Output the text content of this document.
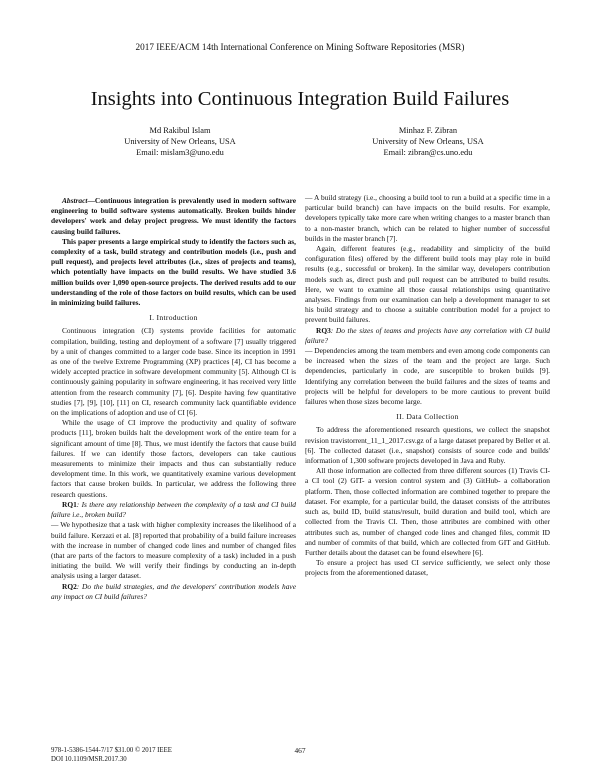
2017 IEEE/ACM 14th International Conference on Mining Software Repositories (MSR)
Insights into Continuous Integration Build Failures
Md Rakibul Islam
University of New Orleans, USA
Email: mislam3@uno.edu
Minhaz F. Zibran
University of New Orleans, USA
Email: zibran@cs.uno.edu

Abstract—Continuous integration is prevalently used in modern software engineering to build software systems automatically. Broken builds hinder developers' work and delay project progress. We must identify the factors causing build failures.

This paper presents a large empirical study to identify the factors such as, complexity of a task, build strategy and contribution models (i.e., push and pull request), and projects level attributes (i.e., sizes of projects and teams), which potentially have impacts on the build results. We have studied 3.6 million builds over 1,090 open-source projects. The derived results add to our understanding of the role of those factors on build results, which can be used in minimizing build failures.

I. Introduction

Continuous integration (CI) systems provide facilities for automatic compilation, building, testing and deployment of a software [7] usually triggered by a unit of changes committed to a larger code base. Since its inception in 1991 as one of the twelve Extreme Programming (XP) practices [4], CI has become a widely accepted practice in software development community [5]. Although CI is continuously gaining popularity in software engineering, it has received very little attention from the research community [7], [6]. Despite having few quantitative studies [7], [9], [10], [11] on CI, research community lack quantifiable evidence on the implications of adoption and use of CI [6].

While the usage of CI improve the productivity and quality of software products [11], broken builds halt the development work of the entire team for a significant amount of time [8]. Thus, we must identify the factors that cause build failures. If we can identify those factors, developers can take cautious measurements to minimize their impacts and thus can substantially reduce development time. In this work, we quantitatively examine various development factors that cause broken builds. In particular, we address the following three research questions.

RQ1: Is there any relationship between the complexity of a task and CI build failure i.e., broken build?

— We hypothesize that a task with higher complexity increases the likelihood of a build failure. Kerzazi et al. [8] reported that probability of a build failure increases with the increase in number of changed code lines and number of changed files (that are parts of the factors to measure complexity of a task) included in a push initiating the build. We will verify their findings by conducting an in-depth analysis using a larger dataset.

RQ2: Do the build strategies, and the developers' contribution models have any impact on CI build failures?

— A build strategy (i.e., choosing a build tool to run a build at a specific time in a particular build branch) can have impacts on the build results. For example, developers typically take more care when writing changes to a master branch than to a non-master branch, which can be related to higher number of successful builds in the master branch [7].

Again, different features (e.g., readability and simplicity of the build configuration files) offered by the different build tools may play role in build results (e.g., successful or broken). In the similar way, developers contribution models such as, direct push and pull request can be attributed to build results. Here, we want to examine all those causal relationships using quantitative analyses. Findings from our examination can help a development manager to set his build strategy and to choose a suitable contribution model for a project to prevent build failures.

RQ3: Do the sizes of teams and projects have any correlation with CI build failure?

— Dependencies among the team members and even among code components can be increased when the sizes of the team and the project are large. Such dependencies, particularly in code, are susceptible to broken builds [9]. Identifying any correlation between the build failures and the sizes of teams and projects will be helpful for developers to be more cautious to prevent build failures when those sizes become large.

II. Data Collection

To address the aforementioned research questions, we collect the snapshot revision travistorrent_11_1_2017.csv.gz of a large dataset prepared by Beller et al. [6]. The collected dataset (i.e., snapshot) consists of source code and builds' information of 1,300 software projects developed in Java and Ruby.

All those information are collected from three different sources (1) Travis CI- a CI tool (2) GIT- a version control system and (3) GitHub- a collaboration platform. Then, those collected information are combined together to prepare the dataset. For example, for a particular build, the dataset consists of the attributes such as, build ID, build status/result, build duration and build tool, which are collected from the Travis CI. Then, those attributes are combined with other attributes such as, number of changed code lines and changed files, commit ID and number of commits of that build, which are collected from GIT and GitHub. Further details about the dataset can be found elsewhere [6].

To ensure a project has used CI service sufficiently, we select only those projects from the aforementioned dataset,

978-1-5386-1544-7/17 $31.00 © 2017 IEEE
DOI 10.1109/MSR.2017.30
467
